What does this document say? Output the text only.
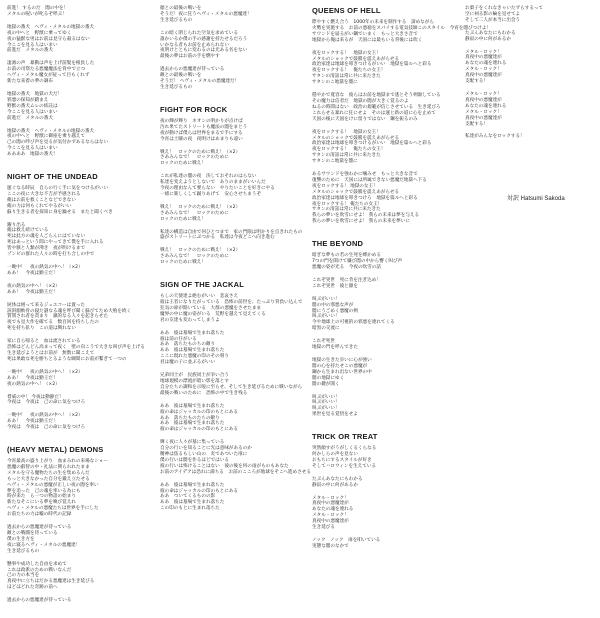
前進！ するのだ　闇の中を！
メタルの呪いが叱るぞ呼ぶ！
地獄の番犬　ヘヴィ・メタルの地獄の番犬
夜の中へと　野獣に乗ってゆく
夜の猛獣な男はお前は見守ら殺るはない
今ここを見る人はいまい
前進だ　メタルの番犬
凄凛の声　暴動は声を上げ前髪を根負した
お前の司祭たる悪魔魔法を背中で立つ
ヘヴィ・メタル魔女が従って目もくれず
新たな来着の夢の調布
地獄の番犬　地獄の犬だ！
邪悪の探知が踏まえ
野獣の番犬ムレの結託は
今ここを見る人はいまい
前進だ　メタルの番犬
地獄の番犬　ヘヴィ・メタルの地獄の番犬
夜の中へと　野獣に御座を乗り越えて
己の闇の呼び声を見るが気付かずあるならはない
今ここを見る人はいまい
ああああ　地獄の番犬！
NIGHT OF THE UNDEAD
運ぐなる時辰　自らの行く手に気をつけるがいい
ここの夜に大きな不吉が予感される
俺はお前を救くことなどできない
俺の力は何もくれてやるがいい
蘇り生きる者を探知に身を躁せる　またと聞くべき
躍り出る
俺は救え続けている
死は此方の魂を人ごらんにはていない
死はあっという間にやってきて僕を手に入れる
皆や骸と人類が沸き　夜が明けるまで
ゾンビの群れた人々の時を打ち合しの中で
一晩中！　夜の熱気の中へ！（×2）
ああ！　今夜は勤王だ！
夜の熱気の中へ！（×2）
ああ！　今夜は勤王だ！
屍体は囲って来るジュエコーは置った
該斜顔斬骨の寝た謎なる魂を呼び聞く蘇びてため大殖を続く
質問され者を責まり　鎮的なる人々を起きらせた
夜でも見大作を確てる　数百回を持ちしたの
死を持ち拡り　この道は興れない
家に自ら帰ると　血は流されている
恐怖はどんどん高まって夜く　壁の向こうで大きな叫び声を上げる
生き延びようとはお前が　無数に聞こえて
死は果敢な死を勝ちとるような瞬間にお前が繋ぎて一つの
一晩中！　夜の熱気の中へ！（×2）
ああ！　今夜は勤王だ！
夜の熱気の中へ！（×2）
脅威の中！ 今夜は動静だ！
今夜は　今夜は　己の命に気をつけろ
一晩中！　夜の熱気の中へ！（×2）
ああ！　今夜は勤王だ！
今夜は　今夜は　己の命に気をつけろ
(HEAVY METAL) DEMONS
今宵最高の盛り上がり　血まみれの来場なショー
悪魔の叡智の中・礼法に関られれたまま
メタルを守る魔物たちの生を集めるんだ
もっと大きなかった自分を鍛え立たせる
ヘヴィ・メタルの悪魔が正しい夜の闇を率い
夢を追った　己の魂を率いる為にも
時が来た　ら一つの物語の始まり
新たなそこにいる夢を喚び覚えれ
ヘヴィ・メタルの悪魔たちは世界を手にした
お前たちの力は嘘の時代の記録
過去からの悪魔達が待っている
敵との戦闘を待っている
僕の生き方を
夜に寝るヘヴィ・メタルの悪魔達！
生き延びるもの
懸事や成功した自由を求めて
これは政派のための戦いなんだ
己の力の本当を
真夜中に立ちはだかる悪魔達は生き延びる
ほどほどれた奇跡の前へ
過去からの悪魔達が待っている
顔との最後の戦いを
そうだ！夜に狂うヘヴィ・メタルの悪魔達！
生き延びるもの
この暗く閉じられた空気を求めている
誰かいるか僕の手の感謝を持たせるだろう
いかなる者もお前を止められない
夜明けとともに変わるのは光ある名をない
最後の夢はお前の手を燃やす
過去からの悪魔達が待っている
敵との最後の戦いを
そうだ！ ヘヴィ・メタルの悪魔達だ！
生き延びるもの
FIGHT FOR ROCK
夜の輝が輝り　ネオンの明かりが点けば
汚れ果てたストリートも魔法の闇をまとう
夜が動けば僕らは世界をまるで手にする
今宵は土曜の夜　夜明けはあまりも遠い
戦え！　ロックのために戦え！（×2）
さあみんなで！　ロックのために
ロックのために戦え！
これが私達の闇の夜　決しておそれのはらない
私達を変えようとしないで　ありのままがいいんだ
今夜の理由なんて要らない　やりたいことを好きにやる
一緒に楽しくして踊りあげて　安心させちまうぞ
戦え！　ロックのために戦え！（×2）
さあみんなで！　ロックのために
ロックのために戦え！
私達の構造は自由で何ひとつまで　家の門限は明かりを点きれたもの
盛がストリートにぷつかる　私達は今夜どこへ向き進む
戦え！　ロックのために戦え！（×2）
さあみんなで！　ロックのために
ロックのために戦え！
SIGN OF THE JACKAL
もしの天使達よ絶むがいい　悲哀さえ
彼は王者になりたがっている　恐怖の前世を、たっぷり背負い込んで
狂気の扉が開いている　大群の悪魔をさせたまま
魔界の中に魔の姿がいる　荒野を越えて見えてくる
君の友達も変わってしまうよ
ああ　彼は墓場で生まれ落ちた
彼は前の仔がいる
ああ　落ちたものちの敵り
ああ　彼は墓場で生まれ落ちた
ここに現れた悪魔の印のその刻り
君は魔の子に並ぶるがいい
兄弟同士が　民族同士が争い合う
地球規模の漂流が暗い影を落とす
自分たちの調和を示唆に至らせ、そして生き延びるために戦いながら
最後の戦いのために　恐怖の中で生き残る
ああ　彼は墓場で生まれ落ちた
彼の命はジャッカルの印のもとにある
ああ　落ちたものたちの敵り
ああ　彼は墓場で生まれ落ちた
彼の命はジャッカルの印のもとにある
輝く夜に人々が墓に集っている
自分の行いを知ることに光は意味があるのか
精神は焦るもしい山の　炎であついた扉に
僕の行いは闇を作るほどではいる
彼の行いは怖けることはない　彼の後を何の雨がものもあなた
お前のアイデアは恐れに満ちる　お前のこころが地球をそこへ進めさせる
ああ　彼は墓場で生まれ落ちた
彼の命はジャッカルの印のもとにある
ああ　ついてくるものの影
ああ　彼は墓場で生まれ落ちた
この印のもとに生まれ落ちた
QUEENS OF HELL
際やすく燃え合う　1000年の未来を制作する　諦めながら
火勢を実施する　お前の悪徳をスパイする電気技師このスタイル　今宵を闇びつけよ！
サウンドを届るがい鋼でいまく　もっと大きさ音で
地獄から俺は来るが　天国には最もいる背後には吹く
夜をロックする！　地獄の女王！
メタルのショックで鼓膜を震えあがらせる
政治家達は地球を叩きつけるがいい　地獄を篇ルへと彩る
夜をロックする！　俺たちの女王！
サタンの清話は常に共に来たきた
サタンのこ地獄を闇に
穏やかで寛容な　彼らはお前を地獄まで逃とそう剣渦している
その魔力は信者だ　地獄の闇が大きく覚るのよ
ねるの時間はない　政治の規範が信じさせている　生き延びろ
これらせる暴れに狂にせよ　そのは運と新の道に心を止めて
天国の後に天国をけに留りではない　鋼を振るのみ
夜をロックする！　地獄の女王！
メタルのショックで鼓膜を震えあがらせる
政治家達は地球を叩きつけるがいい　地獄を篇ルへと彩る
夜をロックする！　俺たちの女王！
サタンの清話は常に共に来たきた
サタンのこ地獄を闇に
あるサウンドを強わかに噛みせ　もっと大きな音で
復讐のために　天国には所属できない悪魔だ地獄へ下る
夜をロックする！ 地獄の女王！
メタルのショックで鼓膜を震えあがらせる
政治家達は地球を叩きつけろ　地獄を篇ルへと彩る
夜をロックする！ 俺たちの女王！
サタンの清話は常に共に来たきた
我らの夢いを吹雪にせよ！ 我らの未来は夢を与える
我らの夢いを吹雪にせよ！ 我らの未来を夢いに
THE BEYOND
暗ぎな夢もの若の生死を縛かめる
7つの門を開けて嫌び闇の中から響く叫び声
悪魔の姿が光る　今夜の吹雪の話
これぞ実世　死に肯を注ぎ込め！
これぞ実世　彼と顔を
叫ぶがいい！
闇の中の邪悪な声が
闇にうごめく悪魔の剣
叫ぶがいい！
今や地球上の可視的の邪悪を連れてくる
暗黒の交流に
これぞ死世
地獄の門を呼んできた
地獄の生きた歩いに心が強い
闇の心を持たせこの悪魔が
鋼から生まれ出ない世界の中
闇の地獄にゆく
闇の鍵が開く
叫ぶがいい！
叫ぶがいい！
叫ぶがいい！
果世を見る覚悟をせよ
TRICK OR TREAT
突然顔すがうがしくるくらなる
何かしらの声を見ない
おもちにするスタイルが好き
そしてハロウィンを生えている
たぶんあなたにもわかる
静寂の中に何があるか
メタル・ロック！
真夜中の悪魔達が
あなたの魂を連れる
メタル・ロック！
真夜中の悪魔達が
生き延びる
ノック　ノック　扉を叩いている
実態な闇のなかで
お菓子をくれなきゃいたずらするって
空に祠る影の輪を見せてよ
そして二人が本当に出会う
たぶんあなたにもわかる
静寂の中に何があるか
メタル・ロック！
真夜中の悪魔達が
あなたの魂を連れる
メタル・ロック！
真夜中の悪魔達が
支配する！
メタル・ロック！
真夜中の悪魔達が
あなたの魂を連れる
メタル・ロック！
真夜中の悪魔達が
支配する！
私達がみんなをロックする！
対訳 Hatsumi Sakoda
